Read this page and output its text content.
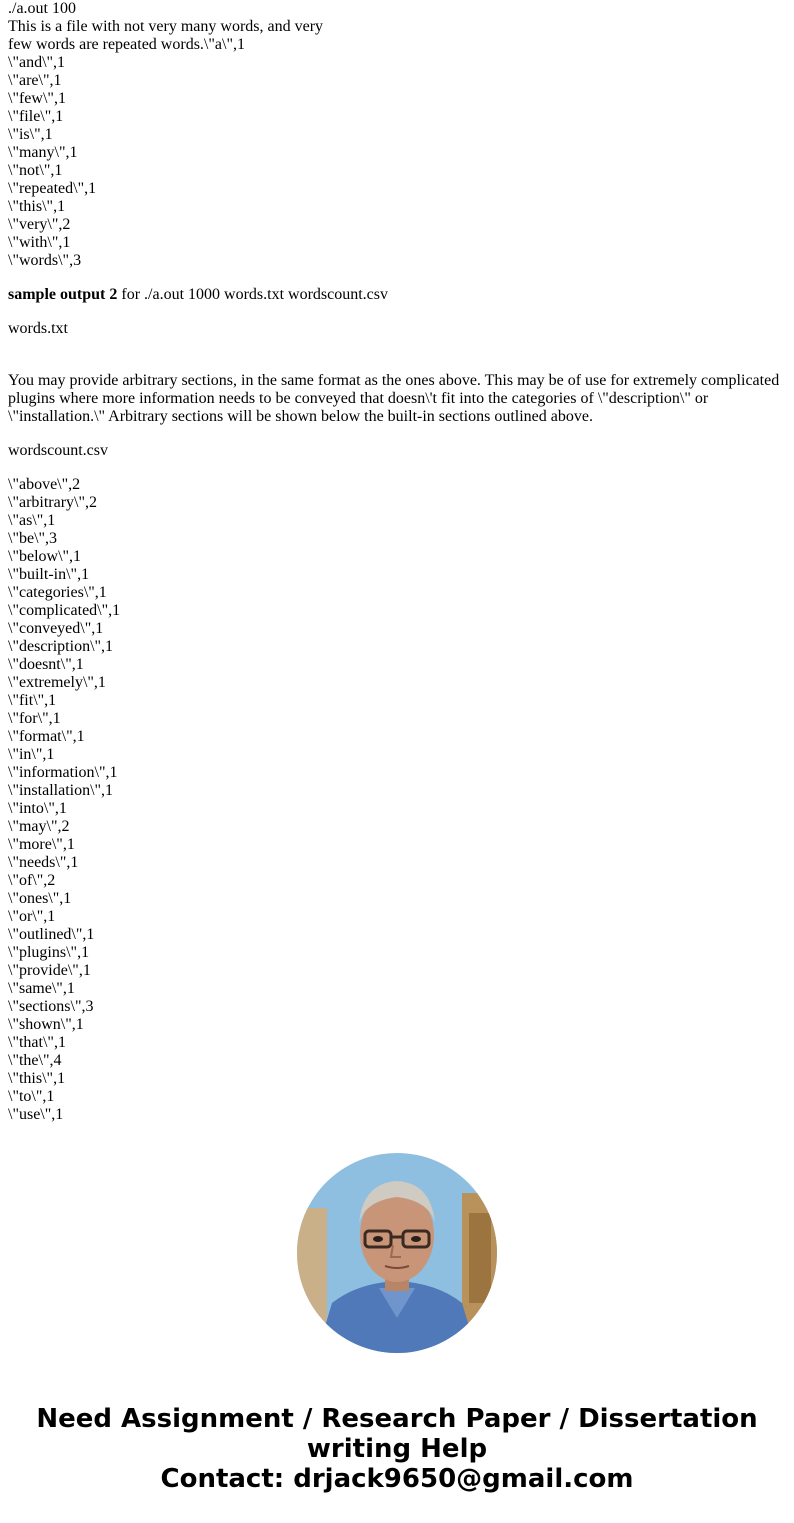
./a.out 100
This is a file with not very many words, and very
few words are repeated words.\"a\",1
\"and\",1
\"are\",1
\"few\",1
\"file\",1
\"is\",1
\"many\",1
\"not\",1
\"repeated\",1
\"this\",1
\"very\",2
\"with\",1
\"words\",3

sample output 2 for ./a.out 1000 words.txt wordscount.csv

words.txt

You may provide arbitrary sections, in the same format as the ones above. This may be of use for extremely complicated plugins where more information needs to be conveyed that doesn\'t fit into the categories of \"description\" or \"installation.\" Arbitrary sections will be shown below the built-in sections outlined above.

wordscount.csv

\"above\",2
\"arbitrary\",2
\"as\",1
\"be\",3
\"below\",1
\"built-in\",1
\"categories\",1
\"complicated\",1
\"conveyed\",1
\"description\",1
\"doesnt\",1
\"extremely\",1
\"fit\",1
\"for\",1
\"format\",1
\"in\",1
\"information\",1
\"installation\",1
\"into\",1
\"may\",2
\"more\",1
\"needs\",1
\"of\",2
\"ones\",1
\"or\",1
\"outlined\",1
\"plugins\",1
\"provide\",1
\"same\",1
\"sections\",3
\"shown\",1
\"that\",1
\"the\",4
\"this\",1
\"to\",1
\"use\",1
Need Assignment / Research Paper / Dissertation
writing Help
Contact: drjack9650@gmail.com
